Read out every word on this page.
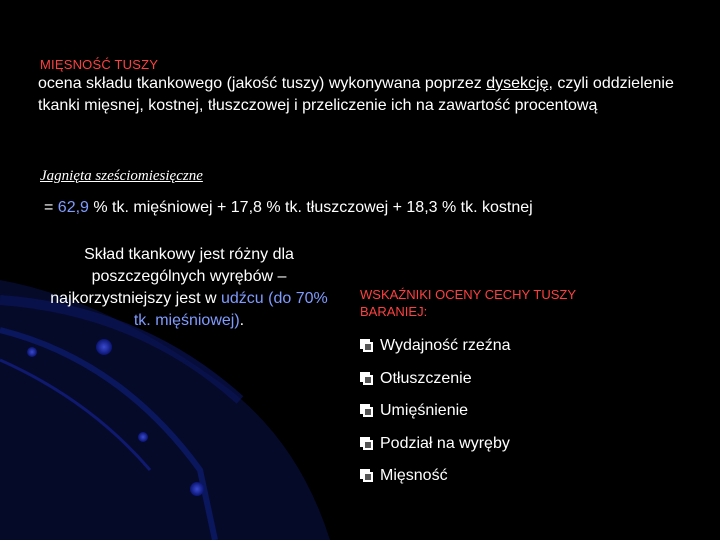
MIĘSNOŚĆ TUSZY
ocena składu tkankowego (jakość tuszy) wykonywana poprzez dysekcję, czyli oddzielenie tkanki mięsnej, kostnej, tłuszczowej i przeliczenie ich na zawartość procentową
Jagnięta sześciomiesięczne
= 62,9 % tk. mięśniowej + 17,8 % tk. tłuszczowej + 18,3 % tk. kostnej
Skład tkankowy jest różny dla poszczególnych wyrębów – najkorzystniejszy jest w udźcu (do 70% tk. mięśniowej).
WSKAŹNIKI OCENY CECHY TUSZY BARANIEJ:
Wydajność rzeźna
Otłuszczenie
Umięśnienie
Podział na wyręby
Mięsność
